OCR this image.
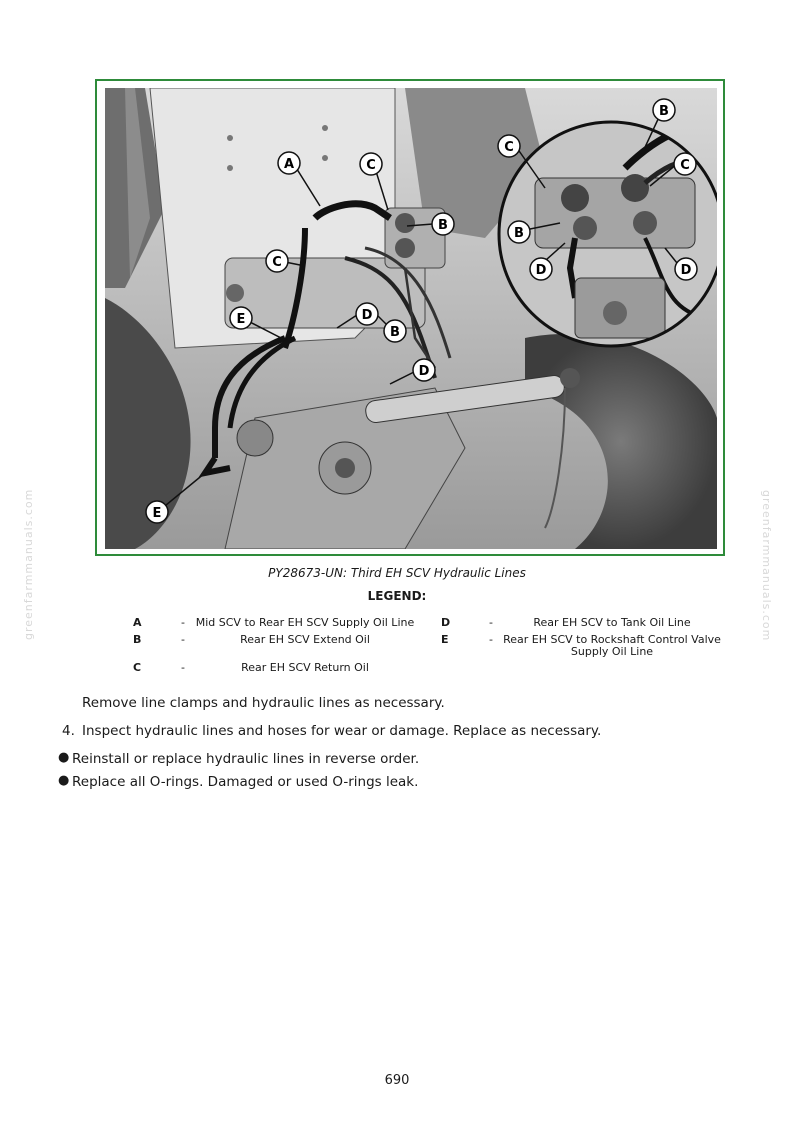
A	C
B
C
D
B
E
D
E
B
C
C
B
D	D
PY28673-UN: Third EH SCV Hydraulic Lines
LEGEND:
A	- Mid SCV to Rear EH SCV Supply Oil Line
B	-	Rear EH SCV Extend Oil
C	-	Rear EH SCV Return Oil
D	-	Rear EH SCV to Tank Oil Line
E	- Rear EH SCV to Rockshaft Control Valve
Supply Oil Line
Remove line clamps and hydraulic lines as necessary.
4. Inspect hydraulic lines and hoses for wear or damage. Replace as necessary.
● Reinstall or replace hydraulic lines in reverse order.
● Replace all O-rings. Damaged or used O-rings leak.
greenfarmmanuals.com	greenfarmmanuals.com
690
